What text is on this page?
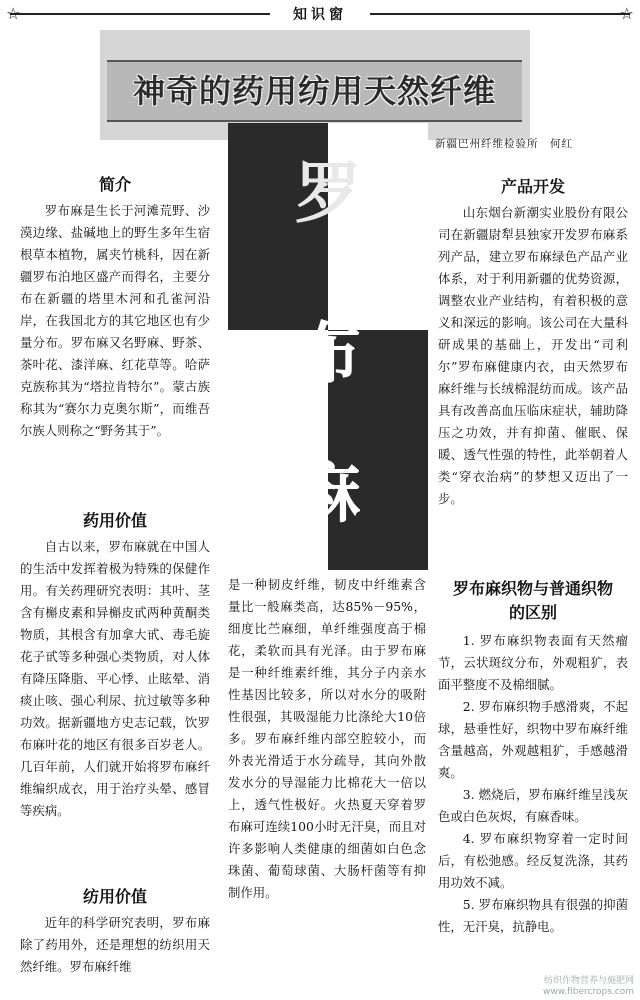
☆	☆
知识窗
神奇的药用纺用天然纤维
新疆巴州纤维检验所　何红
罗
布
麻
简介

罗布麻是生长于河滩荒野、沙漠边缘、盐碱地上的野生多年生宿根草本植物，属夹竹桃科，因在新疆罗布泊地区盛产而得名，主要分布在新疆的塔里木河和孔雀河沿岸，在我国北方的其它地区也有少量分布。罗布麻又名野麻、野茶、茶叶花、漆洋麻、红花草等。哈萨克族称其为“塔拉肯特尔”。蒙古族称其为“赛尔力克奥尔斯”，而维吾尔族人则称之“野务其于”。

药用价值

自古以来，罗布麻就在中国人的生活中发挥着极为特殊的保健作用。有关药理研究表明：其叶、茎含有槲皮素和异槲皮甙两种黄酮类物质，其根含有加拿大甙、毒毛旋花子甙等多种强心类物质，对人体有降压降脂、平心悸、止眩晕、消痰止咳、强心利尿、抗过敏等多种功效。据新疆地方史志记载，饮罗布麻叶花的地区有很多百岁老人。几百年前，人们就开始将罗布麻纤维编织成衣，用于治疗头晕、感冒等疾病。

纺用价值

近年的科学研究表明，罗布麻除了药用外，还是理想的纺织用天然纤维。罗布麻纤维

是一种韧皮纤维，韧皮中纤维素含量比一般麻类高，达85%－95%，细度比苎麻细，单纤维强度高于棉花，柔软而具有光泽。由于罗布麻是一种纤维素纤维，其分子内亲水性基因比较多，所以对水分的吸附性很强，其吸湿能力比涤纶大10倍多。罗布麻纤维内部空腔较小，而外表光滑适于水分疏导，其向外散发水分的导湿能力比棉花大一倍以上，透气性极好。火热夏天穿着罗布麻可连续100小时无汗臭，而且对许多影响人类健康的细菌如白色念珠菌、葡萄球菌、大肠杆菌等有抑制作用。

产品开发

山东烟台新潮实业股份有限公司在新疆尉犁县独家开发罗布麻系列产品，建立罗布麻绿色产品产业体系，对于利用新疆的优势资源，调整农业产业结构，有着积极的意义和深远的影响。该公司在大量科研成果的基础上，开发出“司利尔”罗布麻健康内衣，由天然罗布麻纤维与长绒棉混纺而成。该产品具有改善高血压临床症状，辅助降压之功效，并有抑菌、催眠、保暖、透气性强的特性，此举朝着人类“穿衣治病”的梦想又迈出了一步。

罗布麻织物与普通织物
的区别
1. 罗布麻织物表面有天然瘤节，云状斑纹分布，外观粗犷，表面平整度不及棉细腻。
2. 罗布麻织物手感滑爽，不起球，悬垂性好，织物中罗布麻纤维含量越高，外观越粗犷，手感越滑爽。
3. 燃烧后，罗布麻纤维呈浅灰色或白色灰烬，有麻香味。
4. 罗布麻织物穿着一定时间后，有松弛感。经反复洗涤，其药用功效不减。
5. 罗布麻织物具有很强的抑菌性，无汗臭，抗静电。
纺织作物营养与施肥网
www.fibercrops.com
